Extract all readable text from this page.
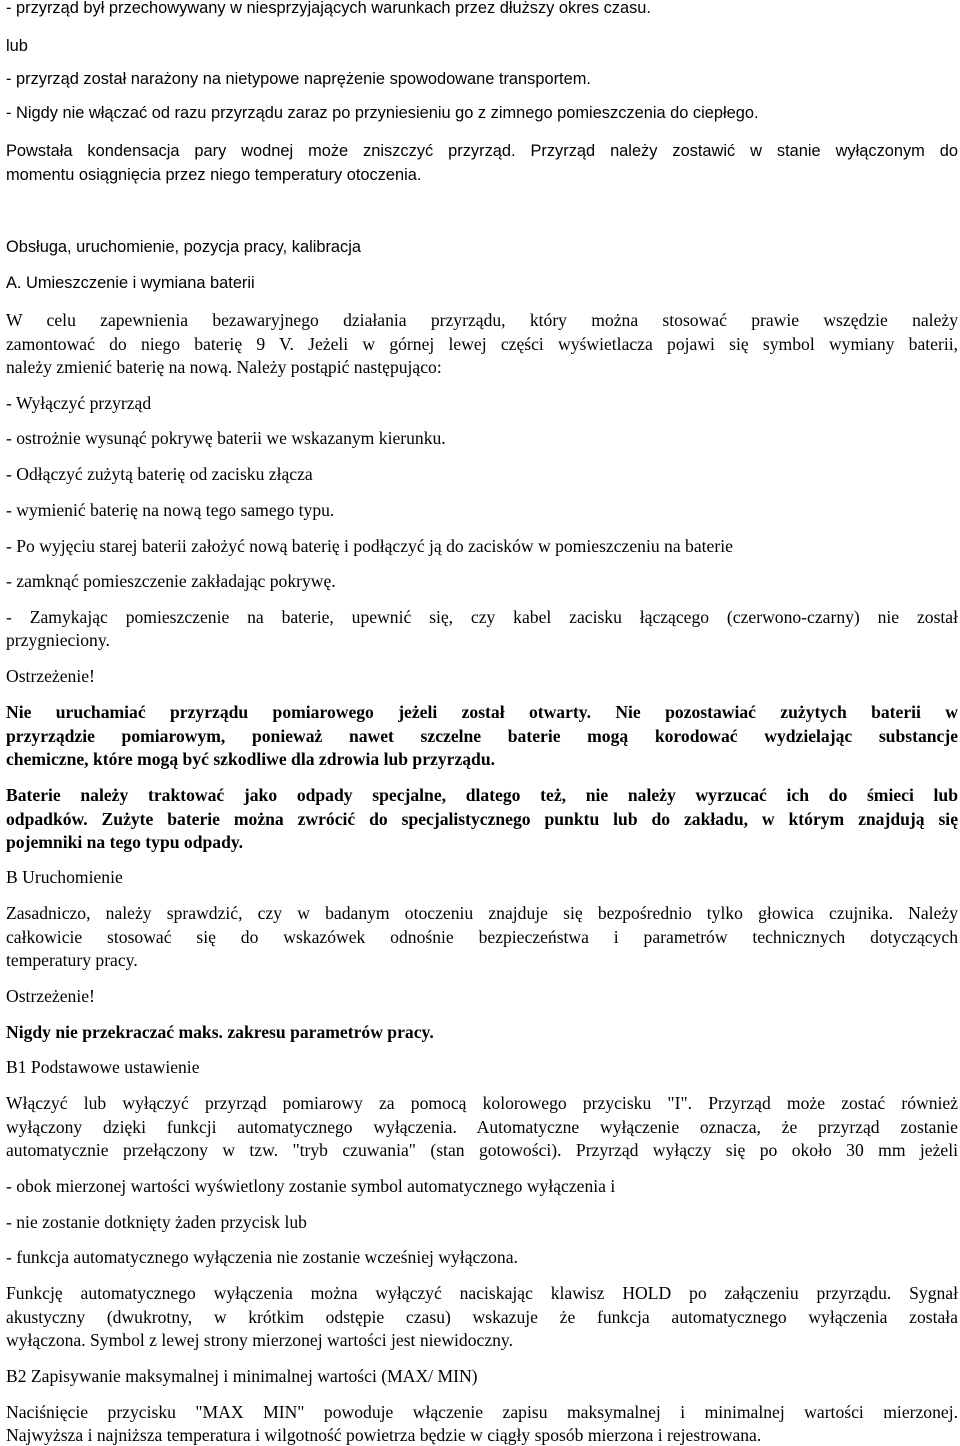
- przyrząd był przechowywany w niesprzyjających warunkach przez dłuższy okres czasu.
lub
- przyrząd został narażony na nietypowe naprężenie spowodowane transportem.
- Nigdy nie włączać od razu przyrządu zaraz po przyniesieniu go z zimnego pomieszczenia do ciepłego.
Powstała kondensacja pary wodnej może zniszczyć przyrząd. Przyrząd należy zostawić w stanie wyłączonym do
momentu osiągnięcia przez niego temperatury otoczenia.
Obsługa, uruchomienie, pozycja pracy, kalibracja
A. Umieszczenie i wymiana baterii
W celu zapewnienia bezawaryjnego działania przyrządu, który można stosować prawie wszędzie należy
zamontować do niego baterię 9 V. Jeżeli w górnej lewej części wyświetlacza pojawi się symbol wymiany baterii,
należy zmienić baterię na nową. Należy postąpić następująco:
- Wyłączyć przyrząd
- ostrożnie wysunąć pokrywę baterii we wskazanym kierunku.
- Odłączyć zużytą baterię od zacisku złącza
- wymienić baterię na nową tego samego typu.
- Po wyjęciu starej baterii założyć nową baterię i podłączyć ją do zacisków w pomieszczeniu na baterie
- zamknąć pomieszczenie zakładając pokrywę.
- Zamykając pomieszczenie na baterie, upewnić się, czy kabel zacisku łączącego (czerwono-czarny) nie został
przygnieciony.
Ostrzeżenie!
Nie uruchamiać przyrządu pomiarowego jeżeli został otwarty. Nie pozostawiać zużytych baterii w
przyrządzie pomiarowym, ponieważ nawet szczelne baterie mogą korodować wydzielając substancje
chemiczne, które mogą być szkodliwe dla zdrowia lub przyrządu.
Baterie należy traktować jako odpady specjalne, dlatego też, nie należy wyrzucać ich do śmieci lub
odpadków. Zużyte baterie można zwrócić do specjalistycznego punktu lub do zakładu, w którym znajdują się
pojemniki na tego typu odpady.
B Uruchomienie
Zasadniczo, należy sprawdzić, czy w badanym otoczeniu znajduje się bezpośrednio tylko głowica czujnika. Należy
całkowicie stosować się do wskazówek odnośnie bezpieczeństwa i parametrów technicznych dotyczących
temperatury pracy.
Ostrzeżenie!
Nigdy nie przekraczać maks. zakresu parametrów pracy.
B1 Podstawowe ustawienie
Włączyć lub wyłączyć przyrząd pomiarowy za pomocą kolorowego przycisku "I". Przyrząd może zostać również
wyłączony dzięki funkcji automatycznego wyłączenia. Automatyczne wyłączenie oznacza, że przyrząd zostanie
automatycznie przełączony w tzw. "tryb czuwania" (stan gotowości). Przyrząd wyłączy się po około 30 mm jeżeli
- obok mierzonej wartości wyświetlony zostanie symbol automatycznego wyłączenia i
- nie zostanie dotknięty żaden przycisk lub
- funkcja automatycznego wyłączenia nie zostanie wcześniej wyłączona.
Funkcję automatycznego wyłączenia można wyłączyć naciskając klawisz HOLD po załączeniu przyrządu. Sygnał
akustyczny (dwukrotny, w krótkim odstępie czasu) wskazuje że funkcja automatycznego wyłączenia została
wyłączona. Symbol z lewej strony mierzonej wartości jest niewidoczny.
B2 Zapisywanie maksymalnej i minimalnej wartości (MAX/ MIN)
Naciśnięcie przycisku "MAX MIN" powoduje włączenie zapisu maksymalnej i minimalnej wartości mierzonej.
Najwyższa i najniższa temperatura i wilgotność powietrza będzie w ciągły sposób mierzona i rejestrowana.
